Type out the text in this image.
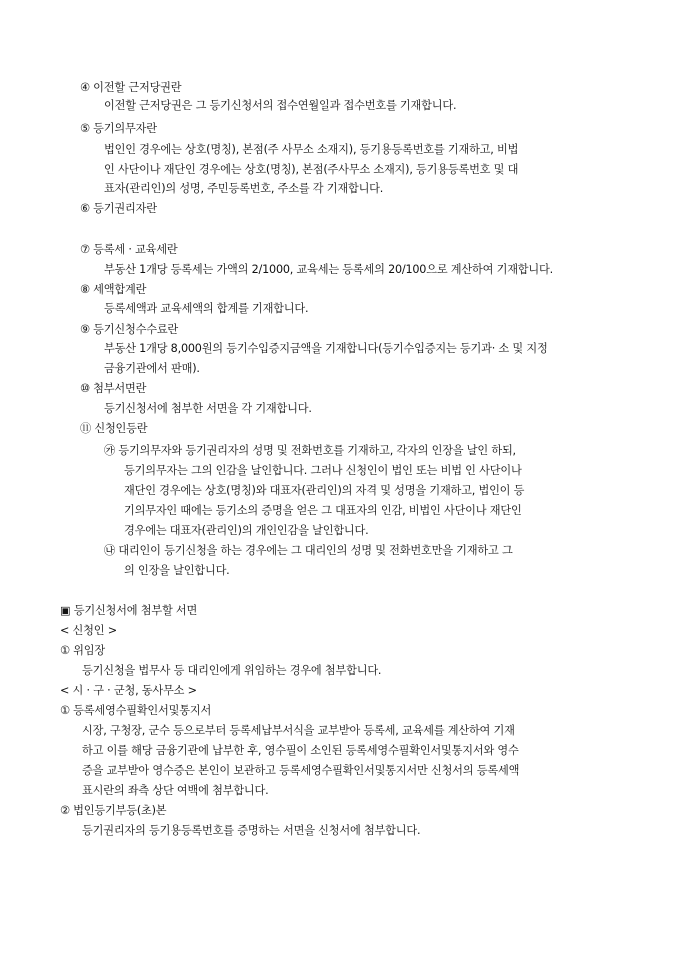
④ 이전할 근저당권란
이전할 근저당권은 그 등기신청서의 접수연월일과 접수번호를 기재합니다.
⑤ 등기의무자란
법인인 경우에는 상호(명칭), 본점(주 사무소 소재지), 등기용등록번호를 기재하고, 비법
인 사단이나 재단인 경우에는 상호(명칭), 본점(주사무소 소재지), 등기용등록번호 및 대
표자(관리인)의 성명, 주민등록번호, 주소를 각 기재합니다.
⑥ 등기권리자란
⑦ 등록세 · 교육세란
부동산 1개당 등록세는 가액의 2/1000, 교육세는 등록세의 20/100으로 계산하여 기재합니다.
⑧ 세액합계란
등록세액과 교육세액의 합계를 기재합니다.
⑨ 등기신청수수료란
부동산 1개당 8,000원의 등기수입증지금액을 기재합니다(등기수입증지는 등기과· 소 및 지정
금융기관에서 판매).
⑩ 첨부서면란
등기신청서에 첨부한 서면을 각 기재합니다.
⑪ 신청인등란
㉮ 등기의무자와 등기권리자의 성명 및 전화번호를 기재하고, 각자의 인장을 날인 하되,
등기의무자는 그의 인감을 날인합니다. 그러나 신청인이 법인 또는 비법 인 사단이나
재단인 경우에는 상호(명칭)와 대표자(관리인)의 자격 및 성명을 기재하고, 법인이 등
기의무자인 때에는 등기소의 증명을 얻은 그 대표자의 인감, 비법인 사단이나 재단인
경우에는 대표자(관리인)의 개인인감을 날인합니다.
㉯ 대리인이 등기신청을 하는 경우에는 그 대리인의 성명 및 전화번호만을 기재하고 그
의 인장을 날인합니다.
▣ 등기신청서에 첨부할 서면
< 신청인 >
① 위임장
등기신청을 법무사 등 대리인에게 위임하는 경우에 첨부합니다.
< 시 · 구 · 군청, 동사무소 >
① 등록세영수필확인서및통지서
시장, 구청장, 군수 등으로부터 등록세납부서식을 교부받아 등록세, 교육세를 계산하여 기재
하고 이를 해당 금융기관에 납부한 후, 영수필이 소인된 등록세영수필확인서및통지서와 영수
증을 교부받아 영수증은 본인이 보관하고 등록세영수필확인서및통지서만 신청서의 등록세액
표시란의 좌측 상단 여백에 첨부합니다.
② 법인등기부등(초)본
등기권리자의 등기용등록번호를 증명하는 서면을 신청서에 첨부합니다.
